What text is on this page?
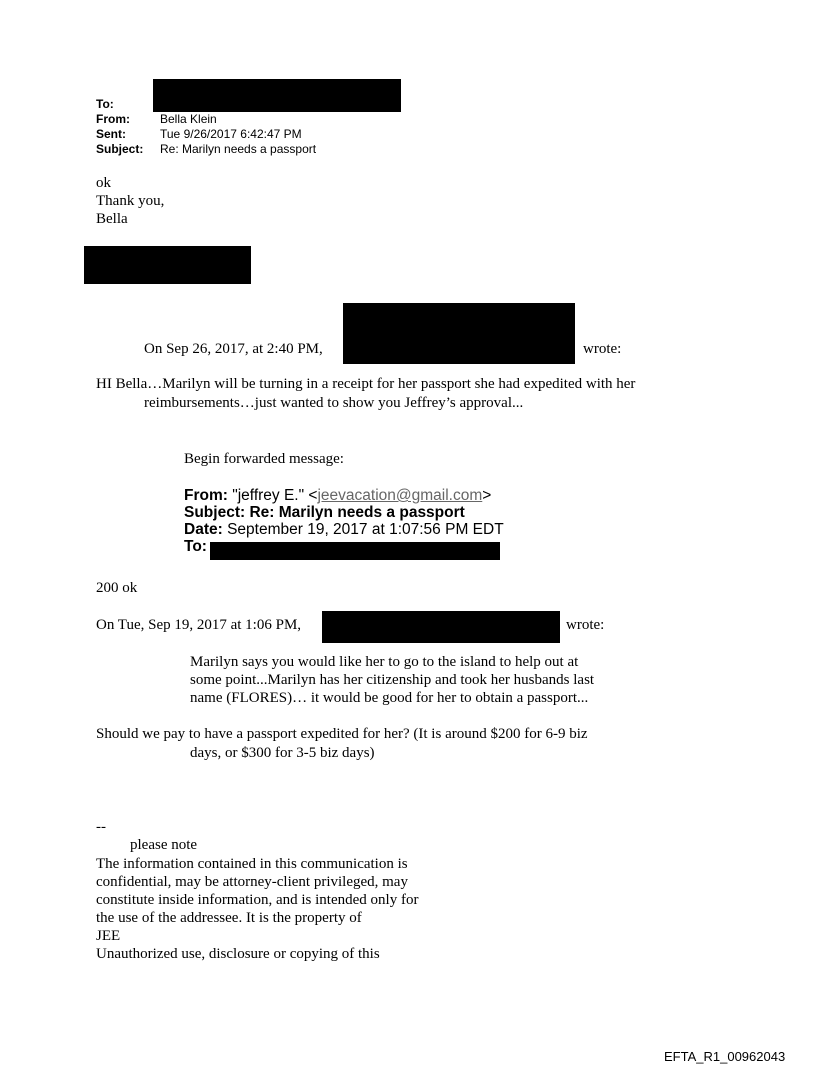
To:
From:	Bella Klein
Sent:	Tue 9/26/2017 6:42:47 PM
Subject: Re: Marilyn needs a passport
ok
Thank you,
Bella
On Sep 26, 2017, at 2:40 PM,	wrote:
HI Bella…Marilyn will be turning in a receipt for her passport she had expedited with her
reimbursements…just wanted to show you Jeffrey’s approval...
Begin forwarded message:
From: "jeffrey E." <jeevacation@gmail.com>
Subject: Re: Marilyn needs a passport
Date: September 19, 2017 at 1:07:56 PM EDT
To:
200 ok
On Tue, Sep 19, 2017 at 1:06 PM,	wrote:
Marilyn says you would like her to go to the island to help out at
some point...Marilyn has her citizenship and took her husbands last
name (FLORES)… it would be good for her to obtain a passport...
Should we pay to have a passport expedited for her? (It is around $200 for 6-9 biz
days, or $300 for 3-5 biz days)
--
please note
The information contained in this communication is
confidential, may be attorney-client privileged, may
constitute inside information, and is intended only for
the use of the addressee. It is the property of
JEE
Unauthorized use, disclosure or copying of this
EFTA_R1_00962043
